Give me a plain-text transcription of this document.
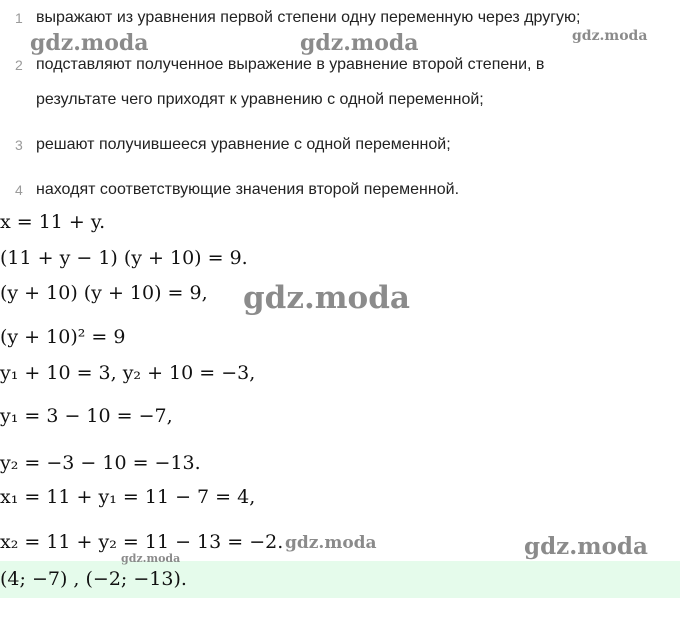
1 выражают из уравнения первой степени одну переменную через другую;
2 подставляют полученное выражение в уравнение второй степени, в
результате чего приходят к уравнению с одной переменной;
3 решают получившееся уравнение с одной переменной;
4 находят соответствующие значения второй переменной.
x = 11 + y.
(11 + y − 1) (y + 10) = 9.
(y + 10) (y + 10) = 9,
(y + 10)² = 9
y₁ + 10 = 3, y₂ + 10 = −3,
y₁ = 3 − 10 = −7,
y₂ = −3 − 10 = −13.
x₁ = 11 + y₁ = 11 − 7 = 4,
x₂ = 11 + y₂ = 11 − 13 = −2.
(4; −7) , (−2; −13).
gdz.moda	gdz.moda	gdz.moda
gdz.moda
gdz.moda	gdz.moda
gdz.moda
